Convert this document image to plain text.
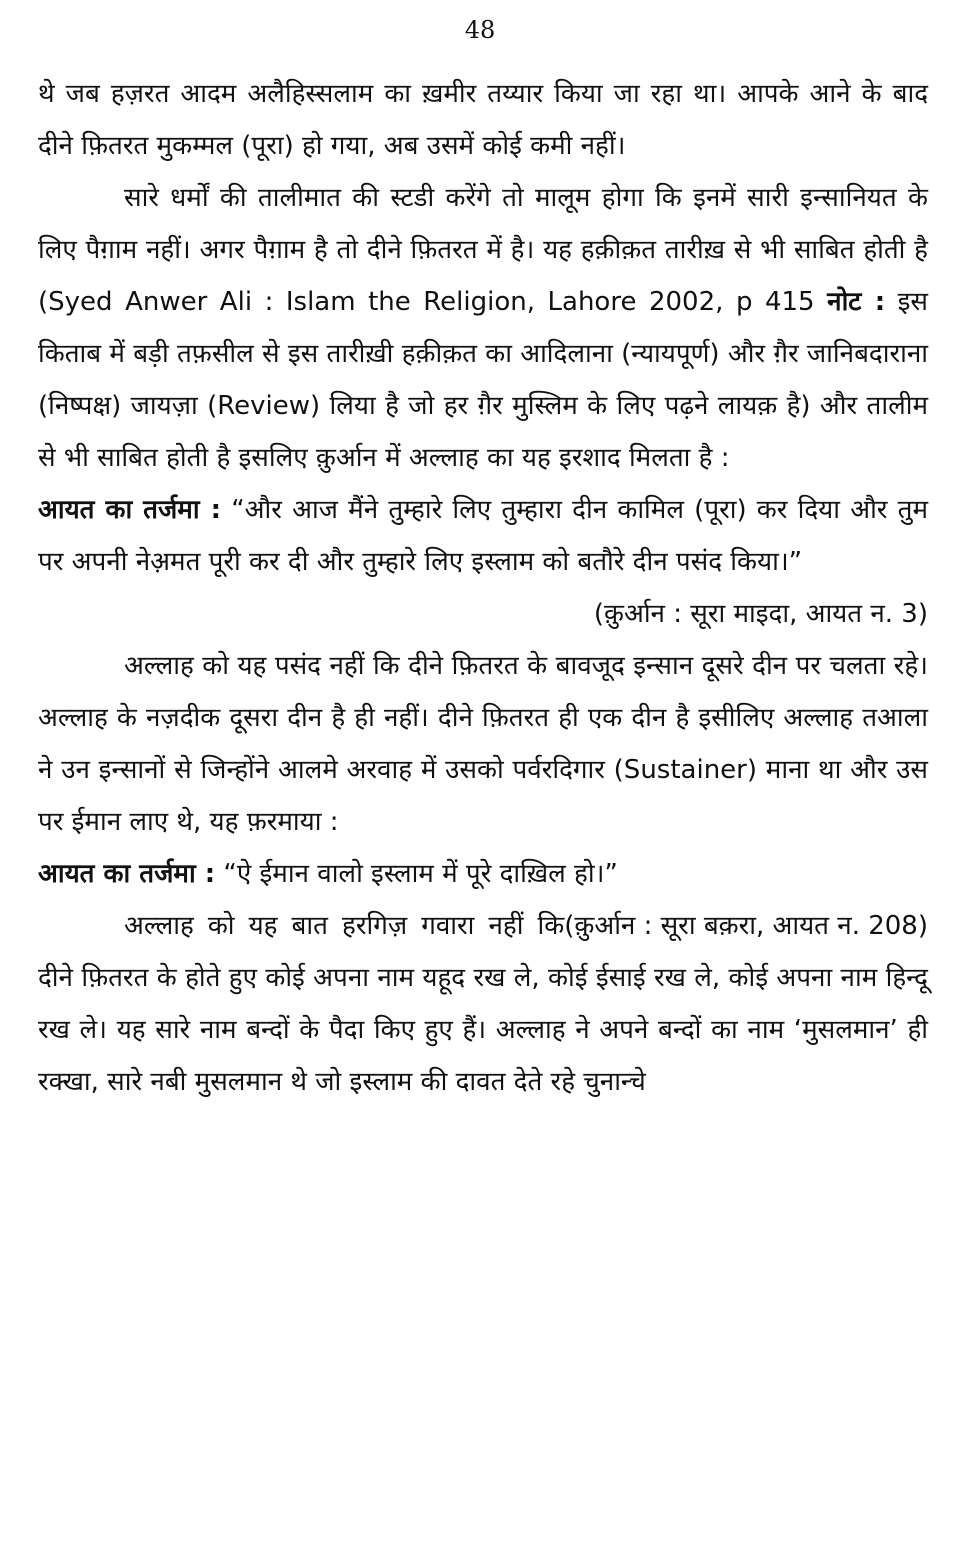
48

थे जब हज़रत आदम अलैहिस्सलाम का ख़मीर तय्यार किया जा रहा था। आपके आने के बाद दीने फ़ितरत मुकम्मल (पूरा) हो गया, अब उसमें कोई कमी नहीं।

सारे धर्मों की तालीमात की स्टडी करेंगे तो मालूम होगा कि इनमें सारी इन्सानियत के लिए पैग़ाम नहीं। अगर पैग़ाम है तो दीने फ़ितरत में है। यह हक़ीक़त तारीख़ से भी साबित होती है (Syed Anwer Ali : Islam the Religion, Lahore 2002, p 415 नोट : इस किताब में बड़ी तफ़सील से इस तारीख़ी हक़ीक़त का आदिलाना (न्यायपूर्ण) और ग़ैर जानिबदाराना (निष्पक्ष) जायज़ा (Review) लिया है जो हर ग़ैर मुस्लिम के लिए पढ़ने लायक़ है) और तालीम से भी साबित होती है इसलिए क़ुर्आन में अल्लाह का यह इरशाद मिलता है :

आयत का तर्जमा : “और आज मैंने तुम्हारे लिए तुम्हारा दीन कामिल (पूरा) कर दिया और तुम पर अपनी नेअ़मत पूरी कर दी और तुम्हारे लिए इस्लाम को बतौरे दीन पसंद किया।”

(क़ुर्आन : सूरा माइदा, आयत न. 3)

अल्लाह को यह पसंद नहीं कि दीने फ़ितरत के बावजूद इन्सान दूसरे दीन पर चलता रहे। अल्लाह के नज़दीक दूसरा दीन है ही नहीं। दीने फ़ितरत ही एक दीन है इसीलिए अल्लाह तआला ने उन इन्सानों से जिन्होंने आलमे अरवाह में उसको पर्वरदिगार (Sustainer) माना था और उस पर ईमान लाए थे, यह फ़रमाया :

आयत का तर्जमा : “ऐ ईमान वालो इस्लाम में पूरे दाख़िल हो।”
(क़ुर्आन : सूरा बक़रा, आयत न. 208)

अल्लाह को यह बात हरगिज़ गवारा नहीं कि दीने फ़ितरत के होते हुए कोई अपना नाम यहूद रख ले, कोई ईसाई रख ले, कोई अपना नाम हिन्दू रख ले। यह सारे नाम बन्दों के पैदा किए हुए हैं। अल्लाह ने अपने बन्दों का नाम ‘मुसलमान’ ही रक्खा, सारे नबी मुसलमान थे जो इस्लाम की दावत देते रहे चुनान्चे
